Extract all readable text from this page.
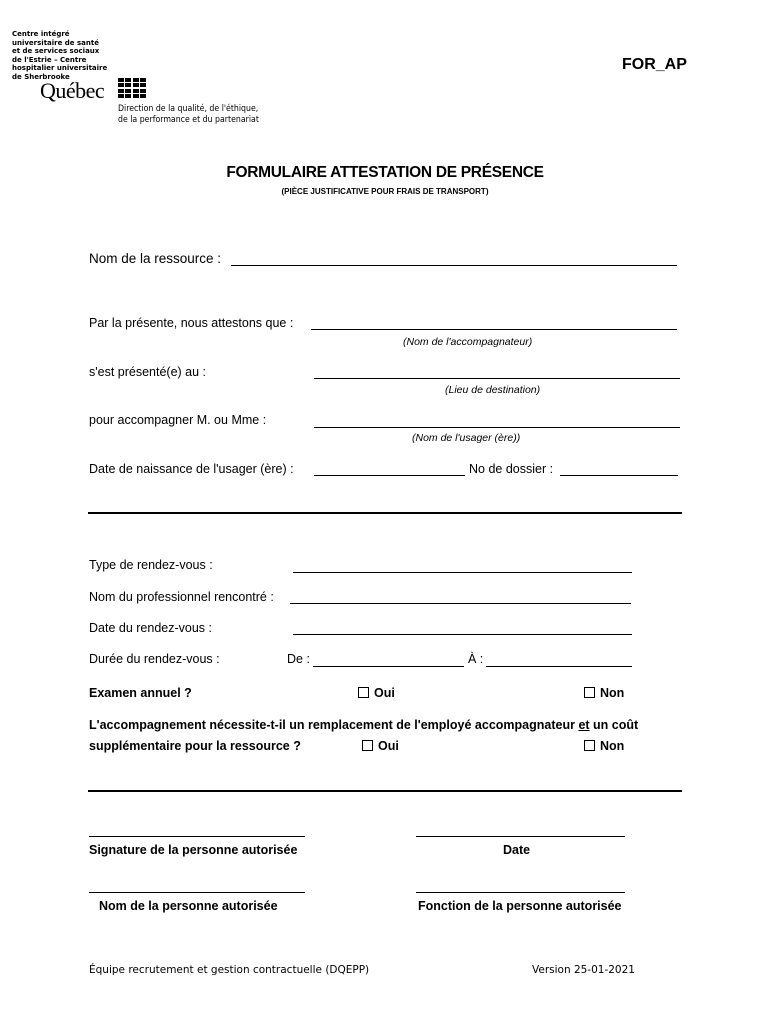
Centre intégré
universitaire de santé
et de services sociaux
de l'Estrie – Centre
hospitalier universitaire
de Sherbrooke
Québec
Direction de la qualité, de l'éthique,
de la performance et du partenariat
FOR_AP
FORMULAIRE ATTESTATION DE PRÉSENCE
(PIÈCE JUSTIFICATIVE POUR FRAIS DE TRANSPORT)
Nom de la ressource :
Par la présente, nous attestons que :
(Nom de l'accompagnateur)
s'est présenté(e) au :
(Lieu de destination)
pour accompagner M. ou Mme :
(Nom de l'usager (ère))
Date de naissance de l'usager (ère) :	No de dossier :
Type de rendez-vous :
Nom du professionnel rencontré :
Date du rendez-vous :
Durée du rendez-vous :	De :	À :
Examen annuel ?	Oui	Non
L'accompagnement nécessite-t-il un remplacement de l'employé accompagnateur et un coût
supplémentaire pour la ressource ?	Oui	Non
Signature de la personne autorisée	Date
Nom de la personne autorisée	Fonction de la personne autorisée
Équipe recrutement et gestion contractuelle (DQEPP)	Version 25-01-2021
